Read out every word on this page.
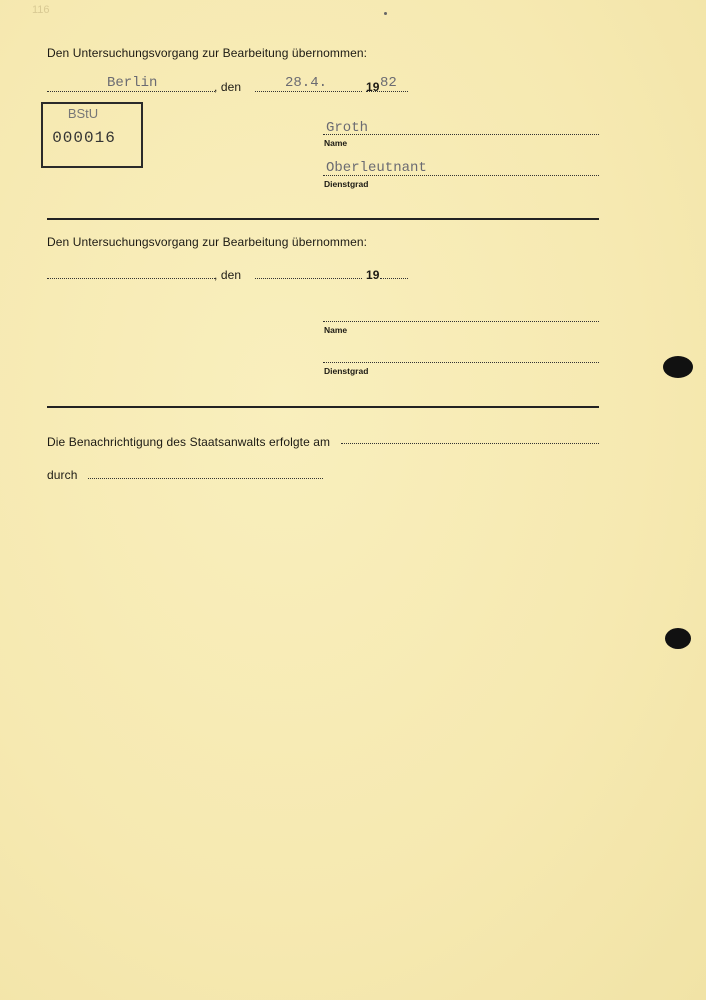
116
Den Untersuchungsvorgang zur Bearbeitung übernommen:
Berlin	, den	28.4.	19 82
BStU
000016
Groth
Name
Oberleutnant
Dienstgrad
Den Untersuchungsvorgang zur Bearbeitung übernommen:
, den	19
Name
Dienstgrad
Die Benachrichtigung des Staatsanwalts erfolgte am
durch
